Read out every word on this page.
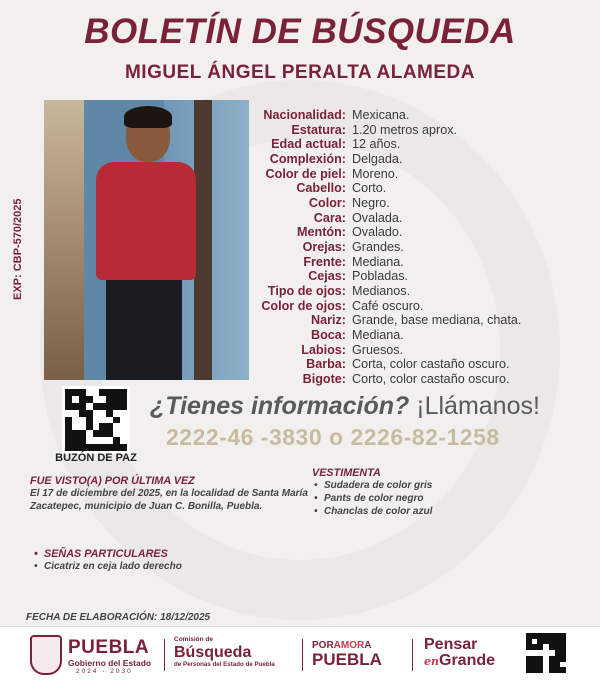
BOLETÍN DE BÚSQUEDA
MIGUEL ÁNGEL PERALTA ALAMEDA
EXP: CBP-570/2025
Nacionalidad: Mexicana.
Estatura: 1.20 metros aprox.
Edad actual: 12 años.
Complexión: Delgada.
Color de piel: Moreno.
Cabello: Corto.
Color: Negro.
Cara: Ovalada.
Mentón: Ovalado.
Orejas: Grandes.
Frente: Mediana.
Cejas: Pobladas.
Tipo de ojos: Medianos.
Color de ojos: Café oscuro.
Nariz: Grande, base mediana, chata.
Boca: Mediana.
Labios: Gruesos.
Barba: Corta, color castaño oscuro.
Bigote: Corto, color castaño oscuro.
BUZÓN DE PAZ
¿Tienes información? ¡Llámanos!
2222-46 -3830 o 2226-82-1258
FUE VISTO(A) POR ÚLTIMA VEZ
El 17 de diciembre del 2025, en la localidad de Santa María Zacatepec, municipio de Juan C. Bonilla, Puebla.
VESTIMENTA
• Sudadera de color gris
• Pants de color negro
• Chanclas de color azul
• SEÑAS PARTICULARES
• Cicatriz en ceja lado derecho
FECHA DE ELABORACIÓN: 18/12/2025
PUEBLA
Gobierno del Estado
2024 - 2030
Comisión de
Búsqueda
de Personas del Estado de Puebla
PORAMORA
PUEBLA
Pensar
enGrande
